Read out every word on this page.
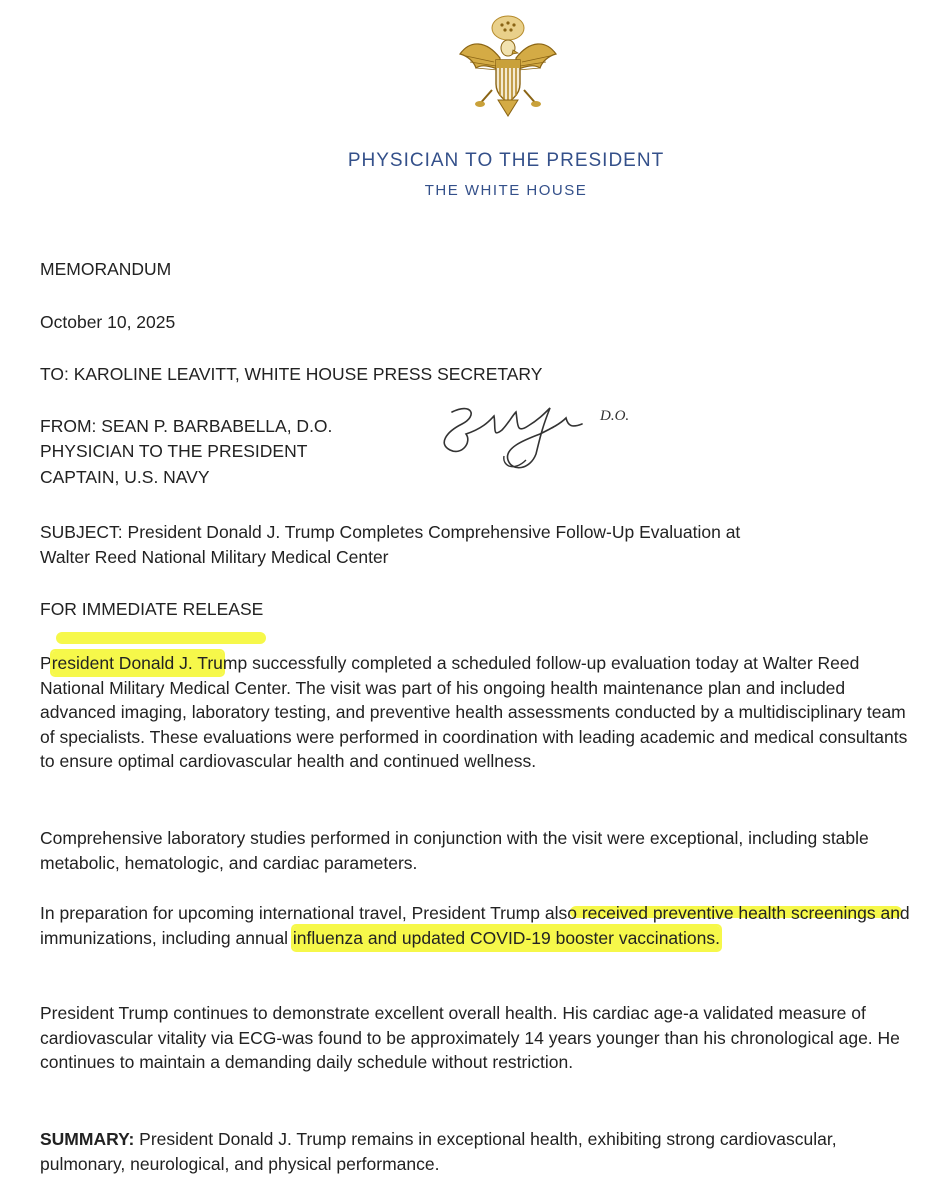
PHYSICIAN TO THE PRESIDENT
THE WHITE HOUSE
MEMORANDUM
October 10, 2025
TO: KAROLINE LEAVITT, WHITE HOUSE PRESS SECRETARY
FROM: SEAN P. BARBABELLA, D.O.
PHYSICIAN TO THE PRESIDENT
CAPTAIN, U.S. NAVY
D.O.
SUBJECT: President Donald J. Trump Completes Comprehensive Follow-Up Evaluation at
Walter Reed National Military Medical Center
FOR IMMEDIATE RELEASE
President Donald J. Trump successfully completed a scheduled follow-up evaluation today at Walter Reed National Military Medical Center. The visit was part of his ongoing health maintenance plan and included advanced imaging, laboratory testing, and preventive health assessments conducted by a multidisciplinary team of specialists. These evaluations were performed in coordination with leading academic and medical consultants to ensure optimal cardiovascular health and continued wellness.
Comprehensive laboratory studies performed in conjunction with the visit were exceptional, including stable metabolic, hematologic, and cardiac parameters.
In preparation for upcoming international travel, President Trump also received preventive health screenings and immunizations, including annual influenza and updated COVID-19 booster vaccinations.
President Trump continues to demonstrate excellent overall health. His cardiac age-a validated measure of cardiovascular vitality via ECG-was found to be approximately 14 years younger than his chronological age. He continues to maintain a demanding daily schedule without restriction.
SUMMARY: President Donald J. Trump remains in exceptional health, exhibiting strong cardiovascular, pulmonary, neurological, and physical performance.
